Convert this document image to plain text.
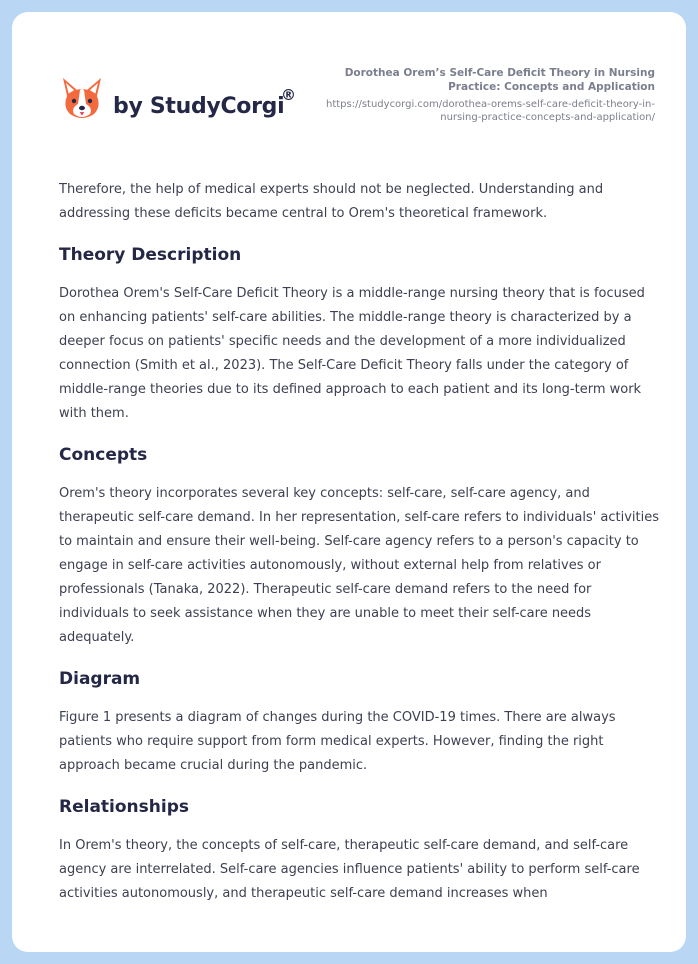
by StudyCorgi
®
Dorothea Orem’s Self-Care Deficit Theory in Nursing Practice: Concepts and Application
https://studycorgi.com/dorothea-orems-self-care-deficit-theory-in-nursing-practice-concepts-and-application/

Therefore, the help of medical experts should not be neglected. Understanding and addressing these deficits became central to Orem's theoretical framework.

Theory Description

Dorothea Orem's Self-Care Deficit Theory is a middle-range nursing theory that is focused on enhancing patients' self-care abilities. The middle-range theory is characterized by a deeper focus on patients' specific needs and the development of a more individualized connection (Smith et al., 2023). The Self-Care Deficit Theory falls under the category of middle-range theories due to its defined approach to each patient and its long-term work with them.

Concepts

Orem's theory incorporates several key concepts: self-care, self-care agency, and therapeutic self-care demand. In her representation, self-care refers to individuals' activities to maintain and ensure their well-being. Self-care agency refers to a person's capacity to engage in self-care activities autonomously, without external help from relatives or professionals (Tanaka, 2022). Therapeutic self-care demand refers to the need for individuals to seek assistance when they are unable to meet their self-care needs adequately.

Diagram

Figure 1 presents a diagram of changes during the COVID-19 times. There are always patients who require support from form medical experts. However, finding the right approach became crucial during the pandemic.

Relationships

In Orem's theory, the concepts of self-care, therapeutic self-care demand, and self-care agency are interrelated. Self-care agencies influence patients' ability to perform self-care activities autonomously, and therapeutic self-care demand increases when
